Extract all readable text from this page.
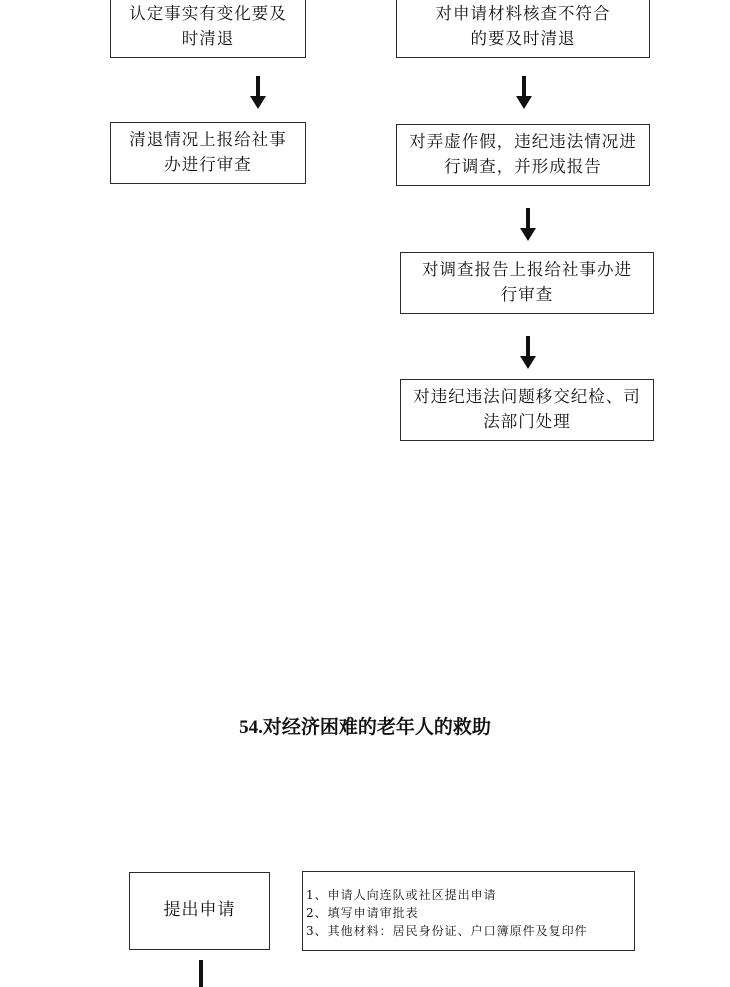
认定事实有变化要及
时清退
清退情况上报给社事
办进行审查
对申请材料核查不符合
的要及时清退
对弄虚作假，违纪违法情况进
行调查，并形成报告
对调查报告上报给社事办进
行审查
对违纪违法问题移交纪检、司
法部门处理
54.对经济困难的老年人的救助
提出申请
1、申请人向连队或社区提出申请
2、填写申请审批表
3、其他材料：居民身份证、户口簿原件及复印件
